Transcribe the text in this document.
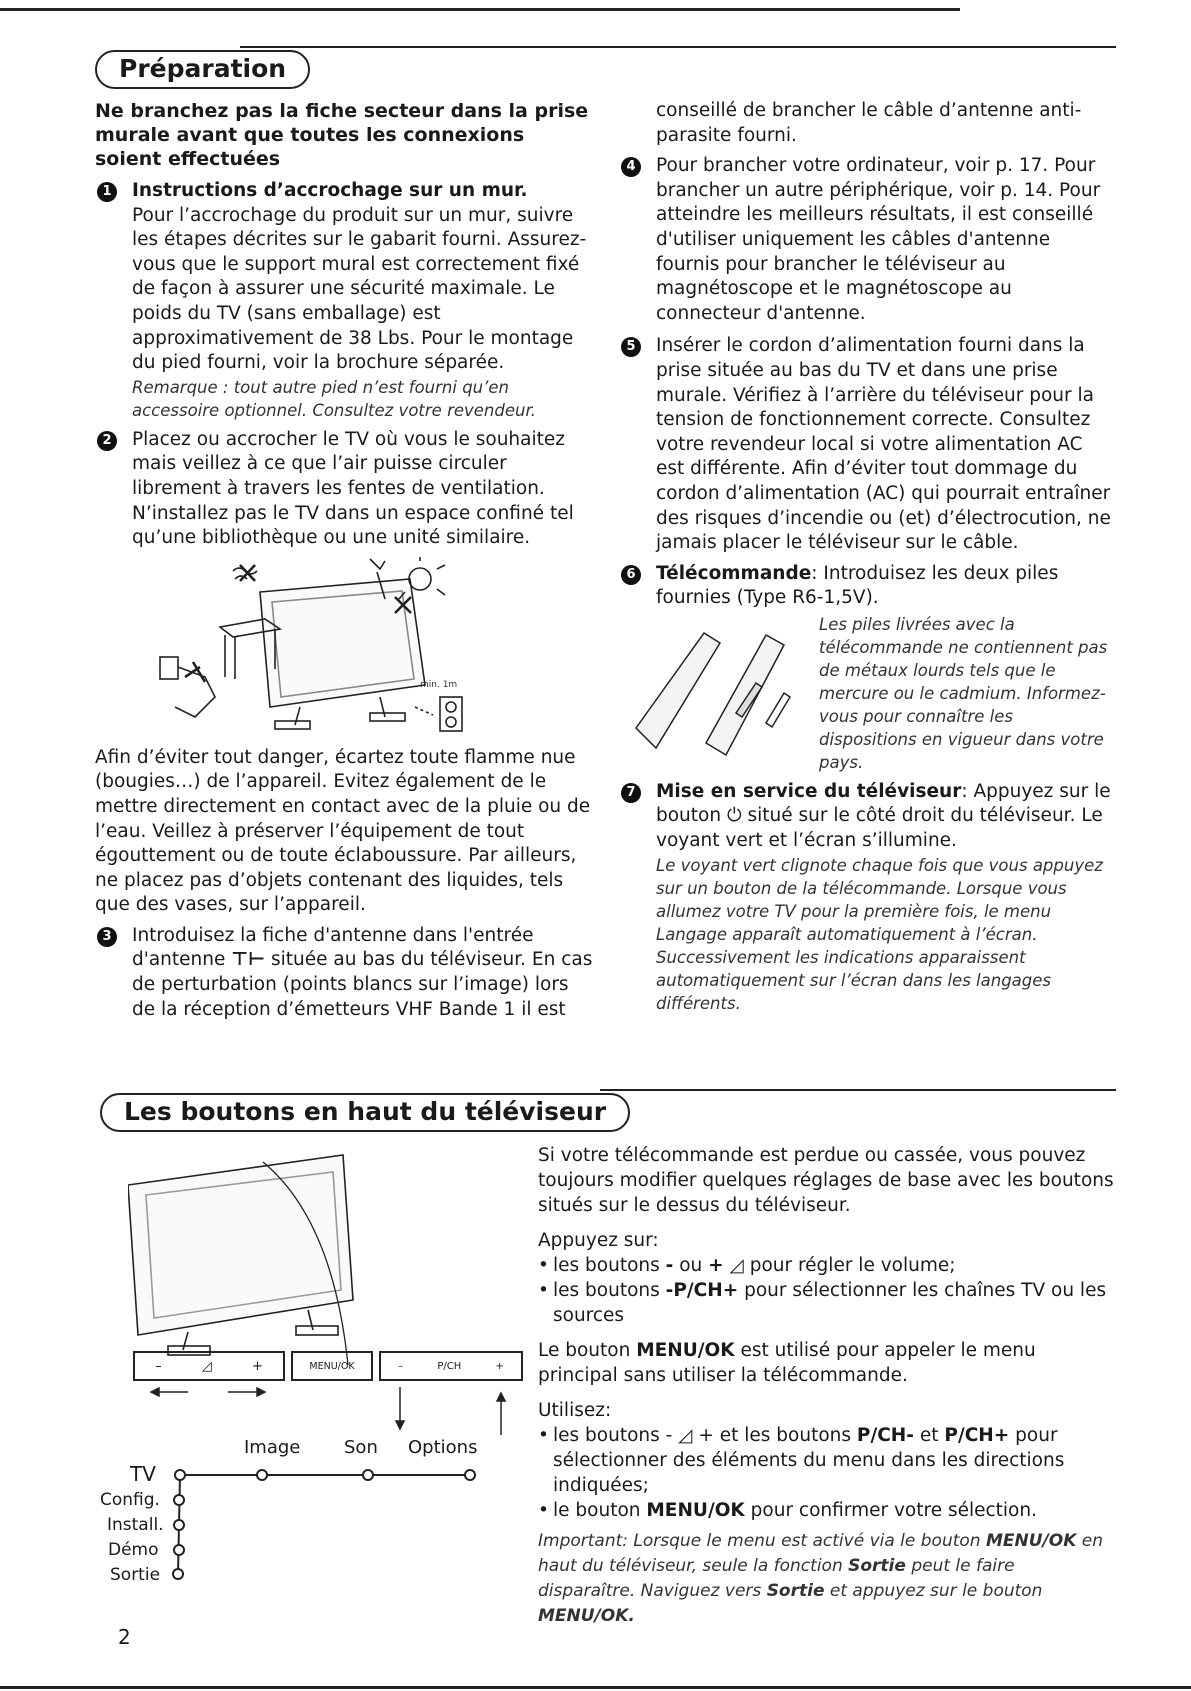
Préparation

Ne branchez pas la fiche secteur dans la prise murale avant que toutes les connexions soient effectuées

1 Instructions d’accrochage sur un mur.

Pour l’accrochage du produit sur un mur, suivre les étapes décrites sur le gabarit fourni. Assurez-vous que le support mural est correctement fixé de façon à assurer une sécurité maximale. Le poids du TV (sans emballage) est approximativement de 38 Lbs. Pour le montage du pied fourni, voir la brochure séparée.

Remarque : tout autre pied n’est fourni qu’en accessoire optionnel. Consultez votre revendeur.

2 Placez ou accrocher le TV où vous le souhaitez mais veillez à ce que l’air puisse circuler librement à travers les fentes de ventilation. N’installez pas le TV dans un espace confiné tel qu’une bibliothèque ou une unité similaire.

min. 1m

Afin d’éviter tout danger, écartez toute flamme nue (bougies…) de l’appareil. Evitez également de le mettre directement en contact avec de la pluie ou de l’eau. Veillez à préserver l’équipement de tout égouttement ou de toute éclaboussure. Par ailleurs, ne placez pas d’objets contenant des liquides, tels que des vases, sur l’appareil.

3 Introduisez la fiche d'antenne dans l'entrée d'antenne ⊤⊢ située au bas du téléviseur. En cas de perturbation (points blancs sur l’image) lors de la réception d’émetteurs VHF Bande 1 il est

conseillé de brancher le câble d’antenne anti-parasite fourni.

4 Pour brancher votre ordinateur, voir p. 17. Pour brancher un autre périphérique, voir p. 14. Pour atteindre les meilleurs résultats, il est conseillé d'utiliser uniquement les câbles d'antenne fournis pour brancher le téléviseur au magnétoscope et le magnétoscope au connecteur d'antenne.

5 Insérer le cordon d’alimentation fourni dans la prise située au bas du TV et dans une prise murale. Vérifiez à l’arrière du téléviseur pour la tension de fonctionnement correcte. Consultez votre revendeur local si votre alimentation AC est différente. Afin d’éviter tout dommage du cordon d’alimentation (AC) qui pourrait entraîner des risques d’incendie ou (et) d’électrocution, ne jamais placer le téléviseur sur le câble.

6 Télécommande: Introduisez les deux piles fournies (Type R6-1,5V).

Les piles livrées avec la télécommande ne contiennent pas de métaux lourds tels que le mercure ou le cadmium. Informez-vous pour connaître les dispositions en vigueur dans votre pays.

7 Mise en service du téléviseur: Appuyez sur le bouton ⏻ situé sur le côté droit du téléviseur. Le voyant vert et l’écran s’illumine.

Le voyant vert clignote chaque fois que vous appuyez sur un bouton de la télécommande. Lorsque vous allumez votre TV pour la première fois, le menu Langage apparaît automatiquement à l’écran. Successivement les indications apparaissent automatiquement sur l’écran dans les langages différents.

Les boutons en haut du téléviseur
–	◿	+	MENU/OK	–	P/CH	+
Image Son Options
TV
Config.
Install.
Démo
Sortie

Si votre télécommande est perdue ou cassée, vous pouvez toujours modifier quelques réglages de base avec les boutons situés sur le dessus du téléviseur.

Appuyez sur:

• les boutons - ou + ◿ pour régler le volume;
• les boutons -P/CH+ pour sélectionner les chaînes TV ou les sources

Le bouton MENU/OK est utilisé pour appeler le menu principal sans utiliser la télécommande.

Utilisez:

• les boutons - ◿ + et les boutons P/CH- et P/CH+ pour sélectionner des éléments du menu dans les directions indiquées;
• le bouton MENU/OK pour confirmer votre sélection.

Important: Lorsque le menu est activé via le bouton MENU/OK en haut du téléviseur, seule la fonction Sortie peut le faire disparaître. Naviguez vers Sortie et appuyez sur le bouton MENU/OK.

2
